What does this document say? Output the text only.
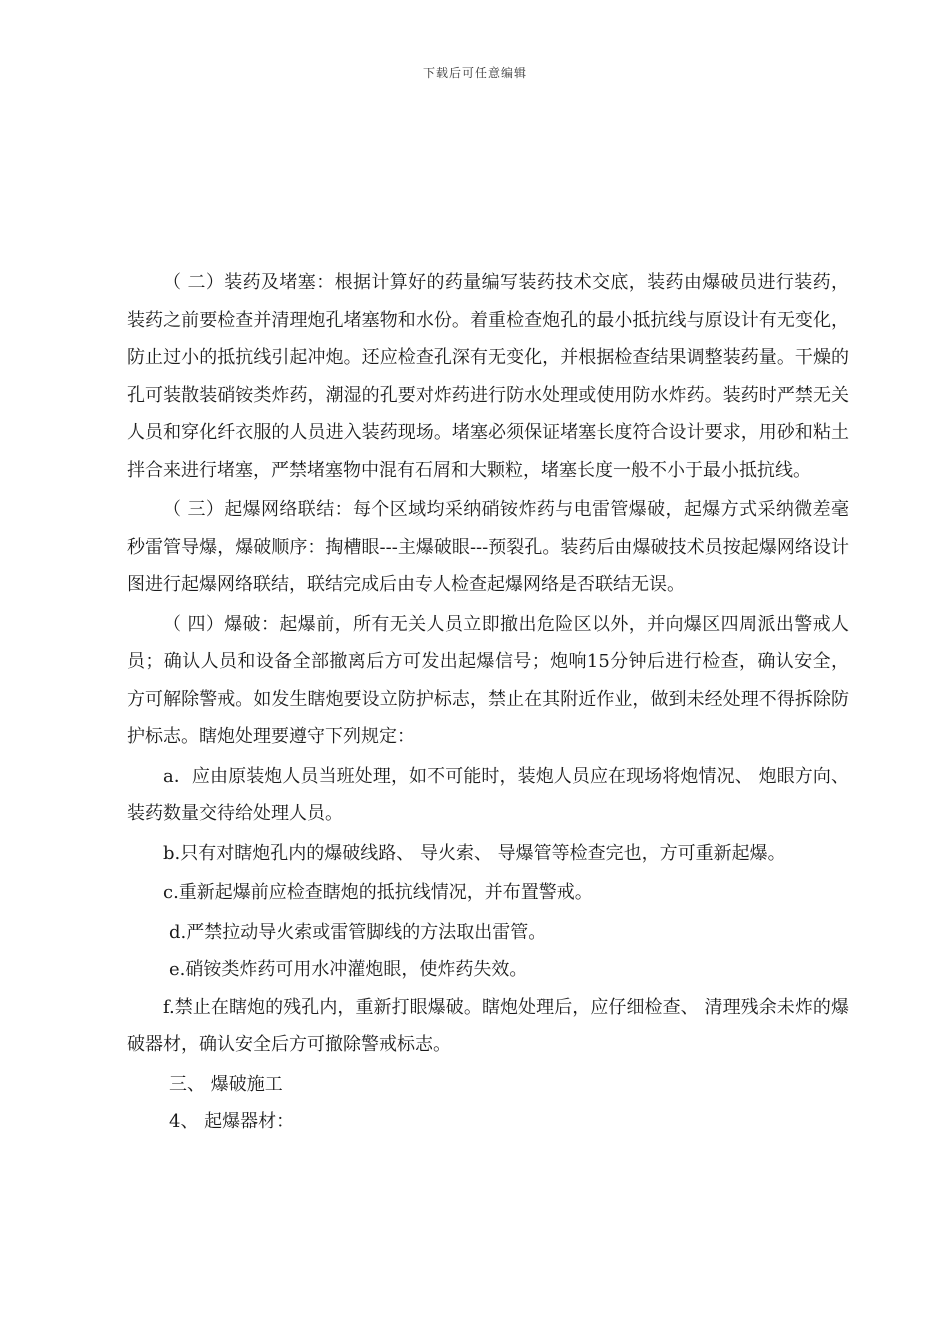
下载后可任意编辑

（ 二）装药及堵塞：根据计算好的药量编写装药技术交底，装药由爆破员进行装药，装药之前要检查并清理炮孔堵塞物和水份。着重检查炮孔的最小抵抗线与原设计有无变化，防止过小的抵抗线引起冲炮。还应检查孔深有无变化，并根据检查结果调整装药量。干燥的孔可装散装硝铵类炸药，潮湿的孔要对炸药进行防水处理或使用防水炸药。装药时严禁无关人员和穿化纤衣服的人员进入装药现场。堵塞必须保证堵塞长度符合设计要求，用砂和粘土拌合来进行堵塞，严禁堵塞物中混有石屑和大颗粒，堵塞长度一般不小于最小抵抗线。

（ 三）起爆网络联结：每个区域均采纳硝铵炸药与电雷管爆破，起爆方式采纳微差毫秒雷管导爆，爆破顺序：掏槽眼---主爆破眼---预裂孔。装药后由爆破技术员按起爆网络设计图进行起爆网络联结，联结完成后由专人检查起爆网络是否联结无误。

（ 四）爆破：起爆前，所有无关人员立即撤出危险区以外，并向爆区四周派出警戒人员；确认人员和设备全部撤离后方可发出起爆信号；炮响15分钟后进行检查，确认安全，方可解除警戒。如发生瞎炮要设立防护标志，禁止在其附近作业，做到未经处理不得拆除防护标志。瞎炮处理要遵守下列规定：

a．应由原装炮人员当班处理，如不可能时，装炮人员应在现场将炮情况、 炮眼方向、 装药数量交待给处理人员。

b.只有对瞎炮孔内的爆破线路、 导火索、 导爆管等检查完也，方可重新起爆。

c.重新起爆前应检查瞎炮的抵抗线情况，并布置警戒。

d.严禁拉动导火索或雷管脚线的方法取出雷管。

e.硝铵类炸药可用水冲灌炮眼，使炸药失效。

f.禁止在瞎炮的残孔内，重新打眼爆破。瞎炮处理后，应仔细检查、 清理残余未炸的爆破器材，确认安全后方可撤除警戒标志。

三、 爆破施工

4、 起爆器材：
